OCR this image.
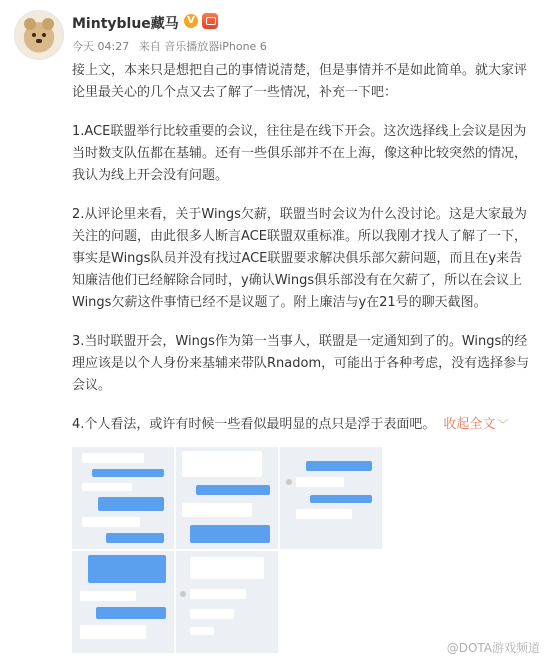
Mintyblue藏马 V
今天 04:27 来自 音乐播放器iPhone 6

接上文，本来只是想把自己的事情说清楚，但是事情并不是如此简单。就大家评论里最关心的几个点又去了解了一些情况，补充一下吧：

1.ACE联盟举行比较重要的会议，往往是在线下开会。这次选择线上会议是因为当时数支队伍都在基辅。还有一些俱乐部并不在上海，像这种比较突然的情况，我认为线上开会没有问题。

2.从评论里来看，关于Wings欠薪，联盟当时会议为什么没讨论。这是大家最为关注的问题，由此很多人断言ACE联盟双重标准。所以我刚才找人了解了一下，事实是Wings队员并没有找过ACE联盟要求解决俱乐部欠薪问题，而且在y来告知廉洁他们已经解除合同时，y确认Wings俱乐部没有在欠薪了，所以在会议上Wings欠薪这件事情已经不是议题了。附上廉洁与y在21号的聊天截图。

3.当时联盟开会，Wings作为第一当事人，联盟是一定通知到了的。Wings的经理应该是以个人身份来基辅来带队Rnadom，可能出于各种考虑，没有选择参与会议。

4.个人看法，或许有时候一些看似最明显的点只是浮于表面吧。 收起全文 ﹀

@DOTA游戏频道
